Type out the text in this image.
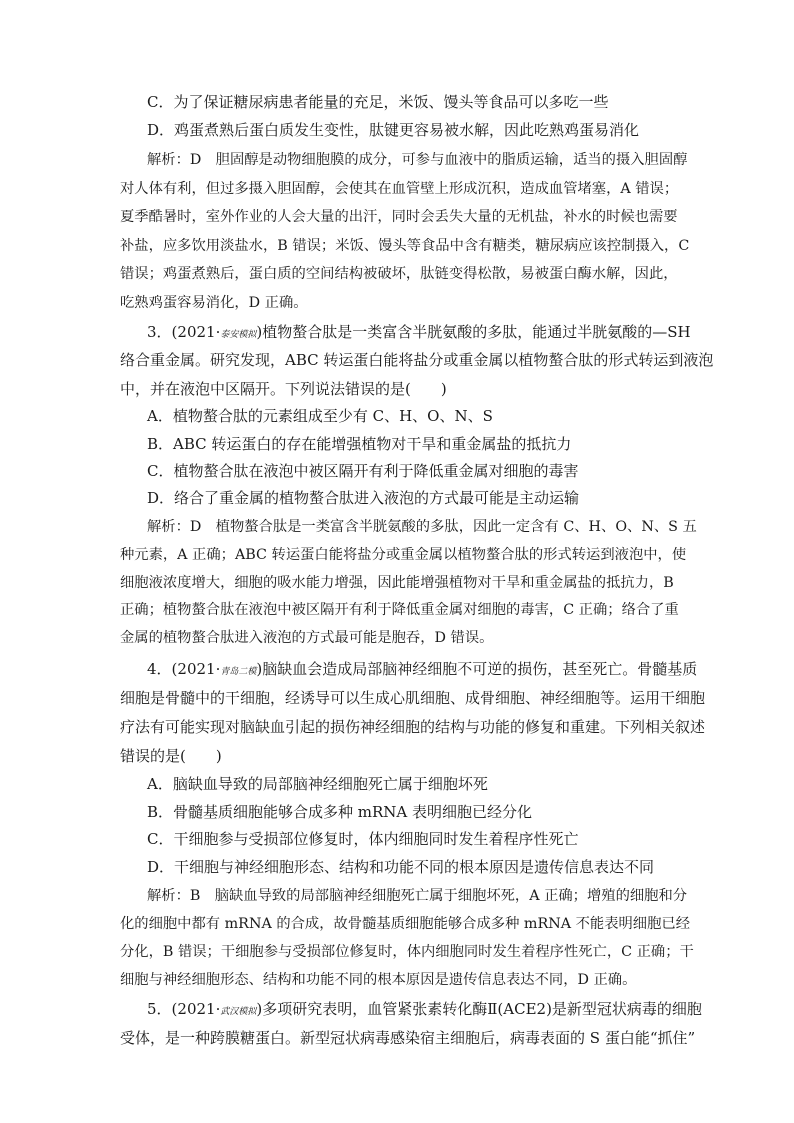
C．为了保证糖尿病患者能量的充足，米饭、馒头等食品可以多吃一些
D．鸡蛋煮熟后蛋白质发生变性，肽键更容易被水解，因此吃熟鸡蛋易消化
解析：D　胆固醇是动物细胞膜的成分，可参与血液中的脂质运输，适当的摄入胆固醇
对人体有利，但过多摄入胆固醇，会使其在血管壁上形成沉积，造成血管堵塞，A 错误；
夏季酷暑时，室外作业的人会大量的出汗，同时会丢失大量的无机盐，补水的时候也需要
补盐，应多饮用淡盐水，B 错误；米饭、馒头等食品中含有糖类，糖尿病应该控制摄入，C
错误；鸡蛋煮熟后，蛋白质的空间结构被破坏，肽链变得松散，易被蛋白酶水解，因此，
吃熟鸡蛋容易消化，D 正确。
3．(2021·泰安模拟)植物螯合肽是一类富含半胱氨酸的多肽，能通过半胱氨酸的—SH
络合重金属。研究发现，ABC 转运蛋白能将盐分或重金属以植物螯合肽的形式转运到液泡
中，并在液泡中区隔开。下列说法错误的是(　　)
A．植物螯合肽的元素组成至少有 C、H、O、N、S
B．ABC 转运蛋白的存在能增强植物对干旱和重金属盐的抵抗力
C．植物螯合肽在液泡中被区隔开有利于降低重金属对细胞的毒害
D．络合了重金属的植物螯合肽进入液泡的方式最可能是主动运输
解析：D　植物螯合肽是一类富含半胱氨酸的多肽，因此一定含有 C、H、O、N、S 五
种元素，A 正确；ABC 转运蛋白能将盐分或重金属以植物螯合肽的形式转运到液泡中，使
细胞液浓度增大，细胞的吸水能力增强，因此能增强植物对干旱和重金属盐的抵抗力，B
正确；植物螯合肽在液泡中被区隔开有利于降低重金属对细胞的毒害，C 正确；络合了重
金属的植物螯合肽进入液泡的方式最可能是胞吞，D 错误。
4．(2021·青岛二模)脑缺血会造成局部脑神经细胞不可逆的损伤，甚至死亡。骨髓基质
细胞是骨髓中的干细胞，经诱导可以生成心肌细胞、成骨细胞、神经细胞等。运用干细胞
疗法有可能实现对脑缺血引起的损伤神经细胞的结构与功能的修复和重建。下列相关叙述
错误的是(　　)
A．脑缺血导致的局部脑神经细胞死亡属于细胞坏死
B．骨髓基质细胞能够合成多种 mRNA 表明细胞已经分化
C．干细胞参与受损部位修复时，体内细胞同时发生着程序性死亡
D．干细胞与神经细胞形态、结构和功能不同的根本原因是遗传信息表达不同
解析：B　脑缺血导致的局部脑神经细胞死亡属于细胞坏死，A 正确；增殖的细胞和分
化的细胞中都有 mRNA 的合成，故骨髓基质细胞能够合成多种 mRNA 不能表明细胞已经
分化，B 错误；干细胞参与受损部位修复时，体内细胞同时发生着程序性死亡，C 正确；干
细胞与神经细胞形态、结构和功能不同的根本原因是遗传信息表达不同，D 正确。
5．(2021·武汉模拟)多项研究表明，血管紧张素转化酶Ⅱ(ACE2)是新型冠状病毒的细胞
受体，是一种跨膜糖蛋白。新型冠状病毒感染宿主细胞后，病毒表面的 S 蛋白能“抓住”
